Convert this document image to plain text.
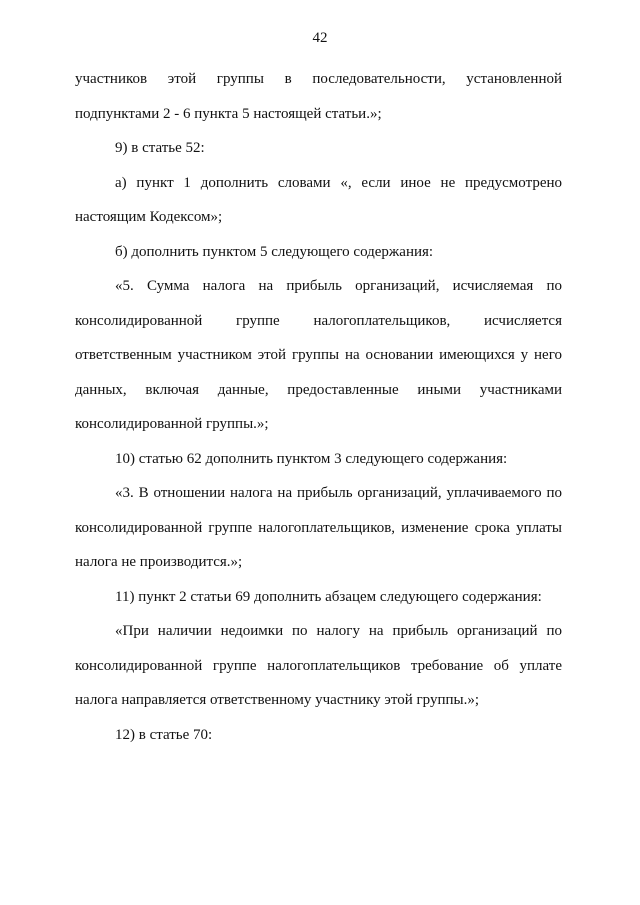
42

участников этой группы в последовательности, установленной подпунктами 2 - 6 пункта 5 настоящей статьи.»;

9) в статье 52:

а) пункт 1 дополнить словами «, если иное не предусмотрено настоящим Кодексом»;

б) дополнить пунктом 5 следующего содержания:

«5. Сумма налога на прибыль организаций, исчисляемая по консолидированной группе налогоплательщиков, исчисляется ответственным участником этой группы на основании имеющихся у него данных, включая данные, предоставленные иными участниками консолидированной группы.»;

10) статью 62 дополнить пунктом 3 следующего содержания:

«3. В отношении налога на прибыль организаций, уплачиваемого по консолидированной группе налогоплательщиков, изменение срока уплаты налога не производится.»;

11) пункт 2 статьи 69 дополнить абзацем следующего содержания:

«При наличии недоимки по налогу на прибыль организаций по консолидированной группе налогоплательщиков требование об уплате налога направляется ответственному участнику этой группы.»;

12) в статье 70:
